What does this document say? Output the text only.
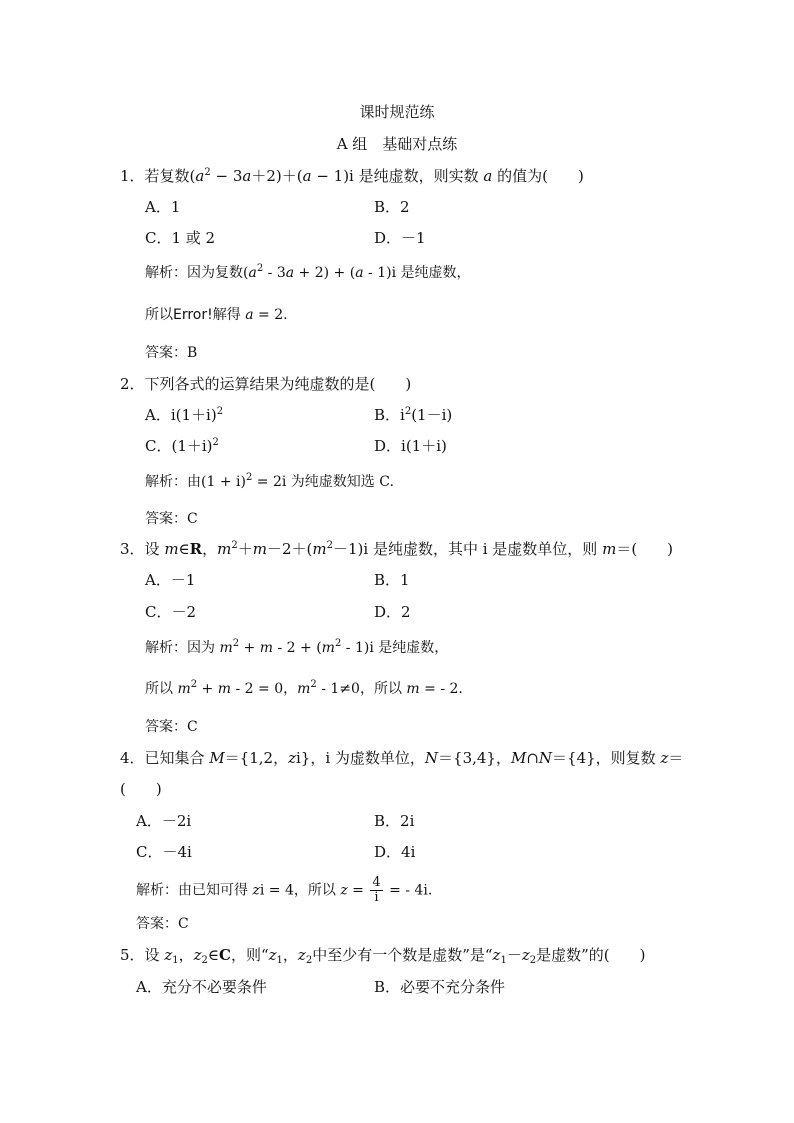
课时规范练
A 组　基础对点练
1．若复数$(a^2 - 3a+2)+(a - 1)i$ 是纯虚数，则实数 a 的值为(　　)
A．1	B．2
C．1 或 2	D．－1
解析：因为复数$(a^2 - 3a + 2) + (a - 1)i$ 是纯虚数，
所以Error!解得 a = 2.
答案：B
2．下列各式的运算结果为纯虚数的是(　　)
A．$i(1+i)^2$	B．$i^2(1-i)$
C．$(1+i)^2$	D．i(1＋i)
解析：由$(1 + i)^2 = 2i$ 为纯虚数知选 C.
答案：C
3．设 m∈R，$m^2+m-2+(m^2-1)i$ 是纯虚数，其中 i 是虚数单位，则 m＝(　　)
A．－1	B．1
C．－2	D．2
解析：因为 $m^2 + m - 2 + (m^2 - 1)i$ 是纯虚数，
所以 $m^2 + m - 2 = 0$，$m^2 - 1\ne 0$，所以 m = - 2.
答案：C
4．已知集合 M＝{1,2，zi}，i 为虚数单位，N＝{3,4}，M∩N＝{4}，则复数 z＝
(　　)
A．－2i	B．2i
C．－4i	D．4i
解析：由已知可得 zi = 4，所以 $z = \frac{4}{i}$ = - 4i.
答案：C
5．设 $z_1$，$z_2\in C$，则“$z_1$，$z_2$中至少有一个数是虚数”是“$z_1-z_2$是虚数”的(　　)
A．充分不必要条件	B．必要不充分条件
